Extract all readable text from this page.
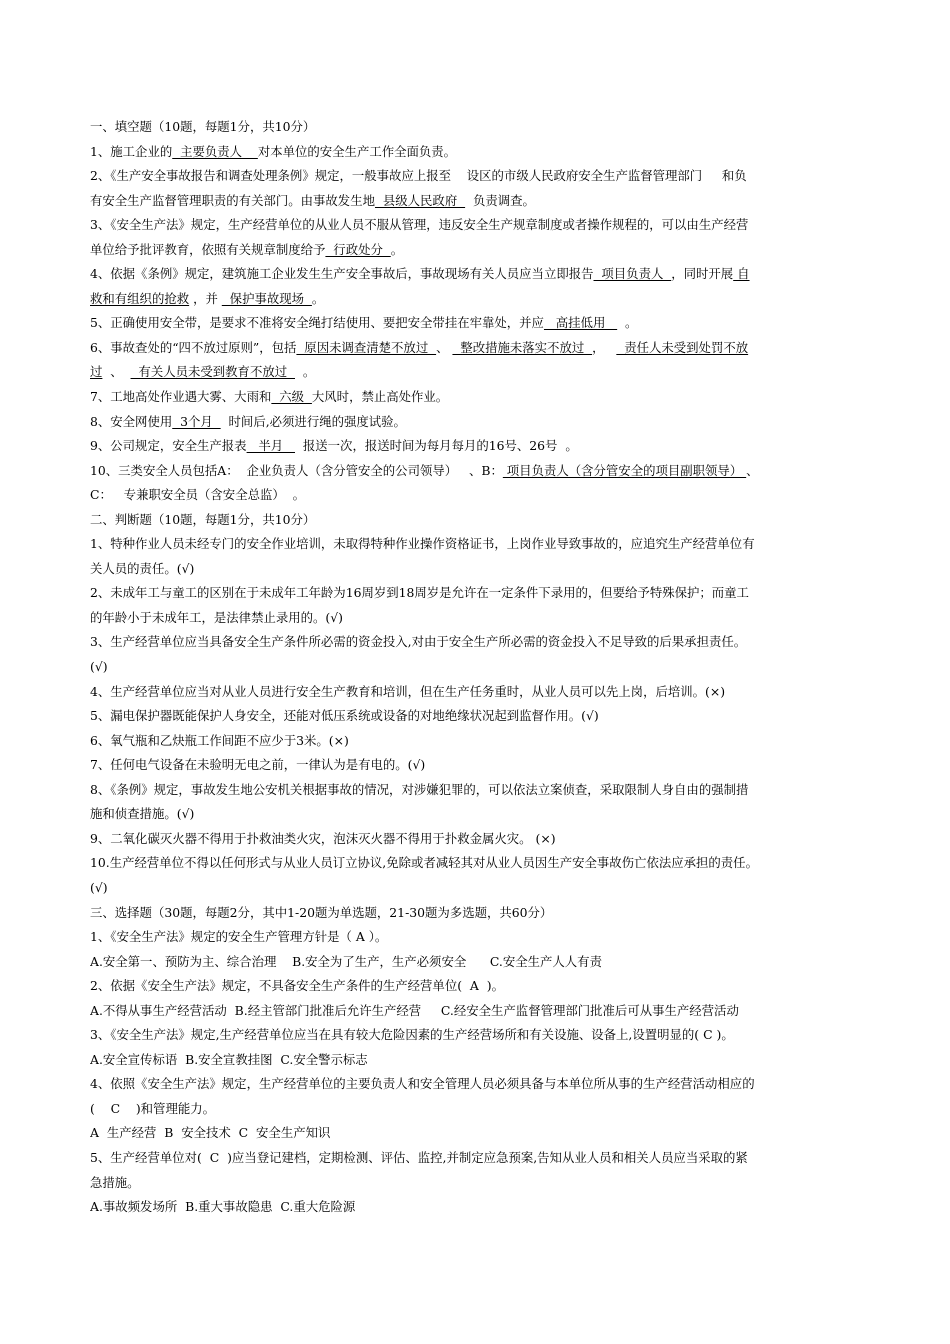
一、填空题（10题，每题1分，共10分）
1、施工企业的  主要负责人    对本单位的安全生产工作全面负责。
2、《生产安全事故报告和调查处理条例》规定，一般事故应上报至    设区的市级人民政府安全生产监督管理部门     和负
有安全生产监督管理职责的有关部门。由事故发生地  县级人民政府    负责调查。
3、《安全生产法》规定，生产经营单位的从业人员不服从管理，违反安全生产规章制度或者操作规程的，可以由生产经营
单位给予批评教育，依照有关规章制度给予  行政处分  。
4、依据《条例》规定，建筑施工企业发生生产安全事故后，事故现场有关人员应当立即报告  项目负责人  ，同时开展 自
救和有组织的抢救 ，并   保护事故现场  。
5、正确使用安全带，是要求不准将安全绳打结使用、要把安全带挂在牢靠处，并应   高挂低用     。
6、事故查处的“四不放过原则”，包括  原因未调查清楚不放过  、   整改措施未落实不放过  ，     责任人未受到处罚不放
过  、    有关人员未受到教育不放过    。
7、工地高处作业遇大雾、大雨和  六级  大风时，禁止高处作业。
8、安全网使用  3个月    时间后,必须进行绳的强度试验。
9、公司规定，安全生产报表   半月     报送一次，报送时间为每月每月的16号、26号  。
10、三类安全人员包括A：  企业负责人（含分管安全的公司领导）   、B： 项目负责人（含分管安全的项目副职领导） 、
C：   专兼职安全员（含安全总监）  。
二、判断题（10题，每题1分，共10分）
1、特种作业人员未经专门的安全作业培训，未取得特种作业操作资格证书，上岗作业导致事故的，应追究生产经营单位有
关人员的责任。(√)
2、未成年工与童工的区别在于未成年工年龄为16周岁到18周岁是允许在一定条件下录用的，但要给予特殊保护；而童工
的年龄小于未成年工，是法律禁止录用的。(√)
3、生产经营单位应当具备安全生产条件所必需的资金投入,对由于安全生产所必需的资金投入不足导致的后果承担责任。
(√)
4、生产经营单位应当对从业人员进行安全生产教育和培训，但在生产任务重时，从业人员可以先上岗，后培训。(×)
5、漏电保护器既能保护人身安全，还能对低压系统或设备的对地绝缘状况起到监督作用。(√)
6、氧气瓶和乙炔瓶工作间距不应少于3米。(×)
7、任何电气设备在未验明无电之前，一律认为是有电的。(√)
8、《条例》规定，事故发生地公安机关根据事故的情况，对涉嫌犯罪的，可以依法立案侦查，采取限制人身自由的强制措
施和侦查措施。(√)
9、二氧化碳灭火器不得用于扑救油类火灾，泡沫灭火器不得用于扑救金属火灾。 (×)
10.生产经营单位不得以任何形式与从业人员订立协议,免除或者减轻其对从业人员因生产安全事故伤亡依法应承担的责任。
(√)
三、选择题（30题，每题2分，其中1-20题为单选题，21-30题为多选题，共60分）
1、《安全生产法》规定的安全生产管理方针是（ A ）。
A.安全第一、预防为主、综合治理    B.安全为了生产，生产必须安全      C.安全生产人人有责
2、依据《安全生产法》规定，不具备安全生产条件的生产经营单位(  A  )。
A.不得从事生产经营活动  B.经主管部门批准后允许生产经营     C.经安全生产监督管理部门批准后可从事生产经营活动
3、《安全生产法》规定,生产经营单位应当在具有较大危险因素的生产经营场所和有关设施、设备上,设置明显的( C )。
A.安全宣传标语  B.安全宣教挂图  C.安全警示标志
4、依照《安全生产法》规定，生产经营单位的主要负责人和安全管理人员必须具备与本单位所从事的生产经营活动相应的
(    C    )和管理能力。
A  生产经营  B  安全技术  C  安全生产知识
5、生产经营单位对(  C  )应当登记建档，定期检测、评估、监控,并制定应急预案,告知从业人员和相关人员应当采取的紧
急措施。
A.事故频发场所  B.重大事故隐患  C.重大危险源
